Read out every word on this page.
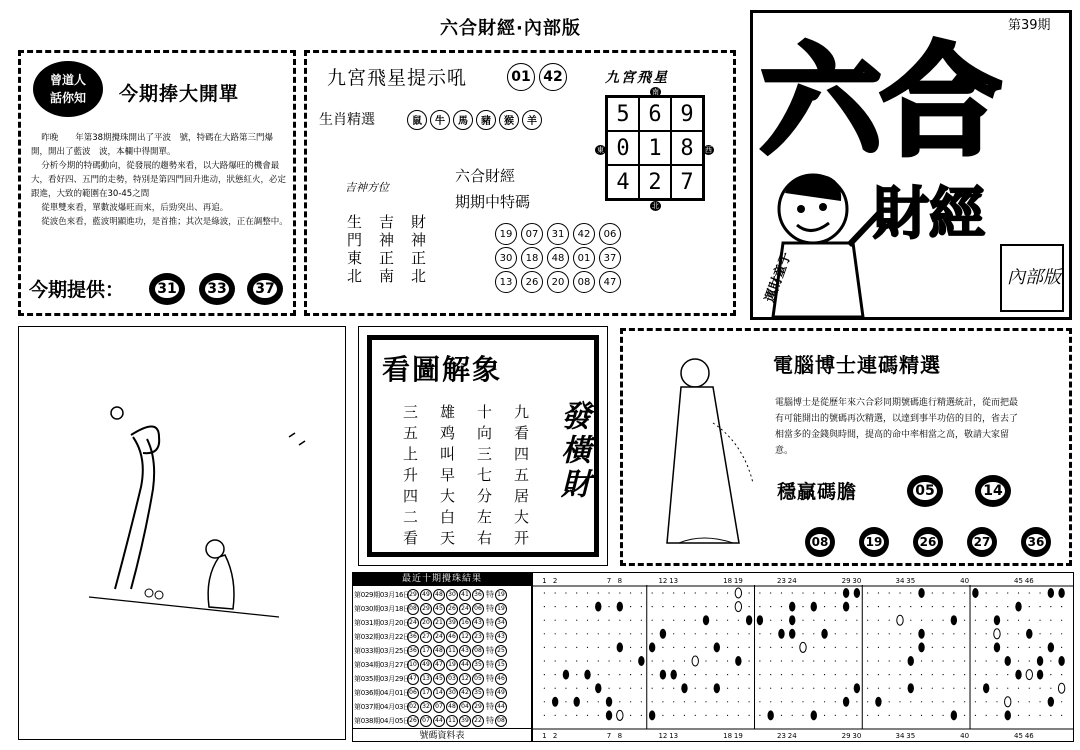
六合財經·內部版	第39期
曾道人
話你知	今期捧大開單

昨晚　　年第38期攪珠開出了平波　號，特碼在大路第三門爆開，開出了藍波　波，本欄中得開單。

分析今期的特碼動向，從發展的趨勢來看，以大路爆旺的機會最大，看好四、五門的走勢，特別是第四門回升進动，狀態紅火，必定跟進，大致的範圍在30-45之間

從單雙來看，單數波爆旺而來，后勁突出、再追。

從波色來看，藍波明顯進功，是首推；其次是綠波，正在調整中。

今期提供： 31 33 37
九宮飛星提示吼	01 42
生肖精選	鼠 牛 馬 豬 猴 羊
吉神方位
生	吉	財
門	神	神
東	正	正
北	南	北
六合財經
期期中特碼
19	07	31	42	06
30	18	48	01	37
13	26	20	08	47
九宮飛星
5 6 9
0 1 8
4 2 7
南
東	西
北
六合
財經
運財童子	內部版
看圖解象
九看四五居大开
十向三七分左右
雄鸡叫早大白天
三五上升四二看	發橫財
電腦博士連碼精選
電腦博士是從歷年來六合彩同期號碼進行精選統計，從而把最有可能開出的號碼再次精選，以達到事半功倍的目的，省去了相當多的金錢與時間，提高的命中率相當之高，敬請大家留意。
穩贏碼膽	05	14
08	19	26	27	36
最近十期攪珠結果
號碼資料表
第029期03月16日 29 49 48 30 41 36 特 19
第030期03月18日 08 29 45 26 24 06 特 19
第031期03月20日 24 20 21 39 16 43 特 34
第032期03月22日 36 27 24 46 12 23 特 43
第033期03月25日 36 17 48 11 43 08 特 25
第034期03月27日 10 49 47 19 44 35 特 15
第035期03月29日 47 13 45 03 12 05 特 46
第036期04月01日 06 17 14 30 42 35 特 49
第037期04月03日 02 32 07 48 04 29 特 44
第038期04月05日 26 07 44 11 39 22 特 08
1
1
2
2
7
7
8
8
12
12
13
13
18
18
19
19
23
23
24
24
29
29
30
30
34
34
35
35
40
40
45
45
46
46
